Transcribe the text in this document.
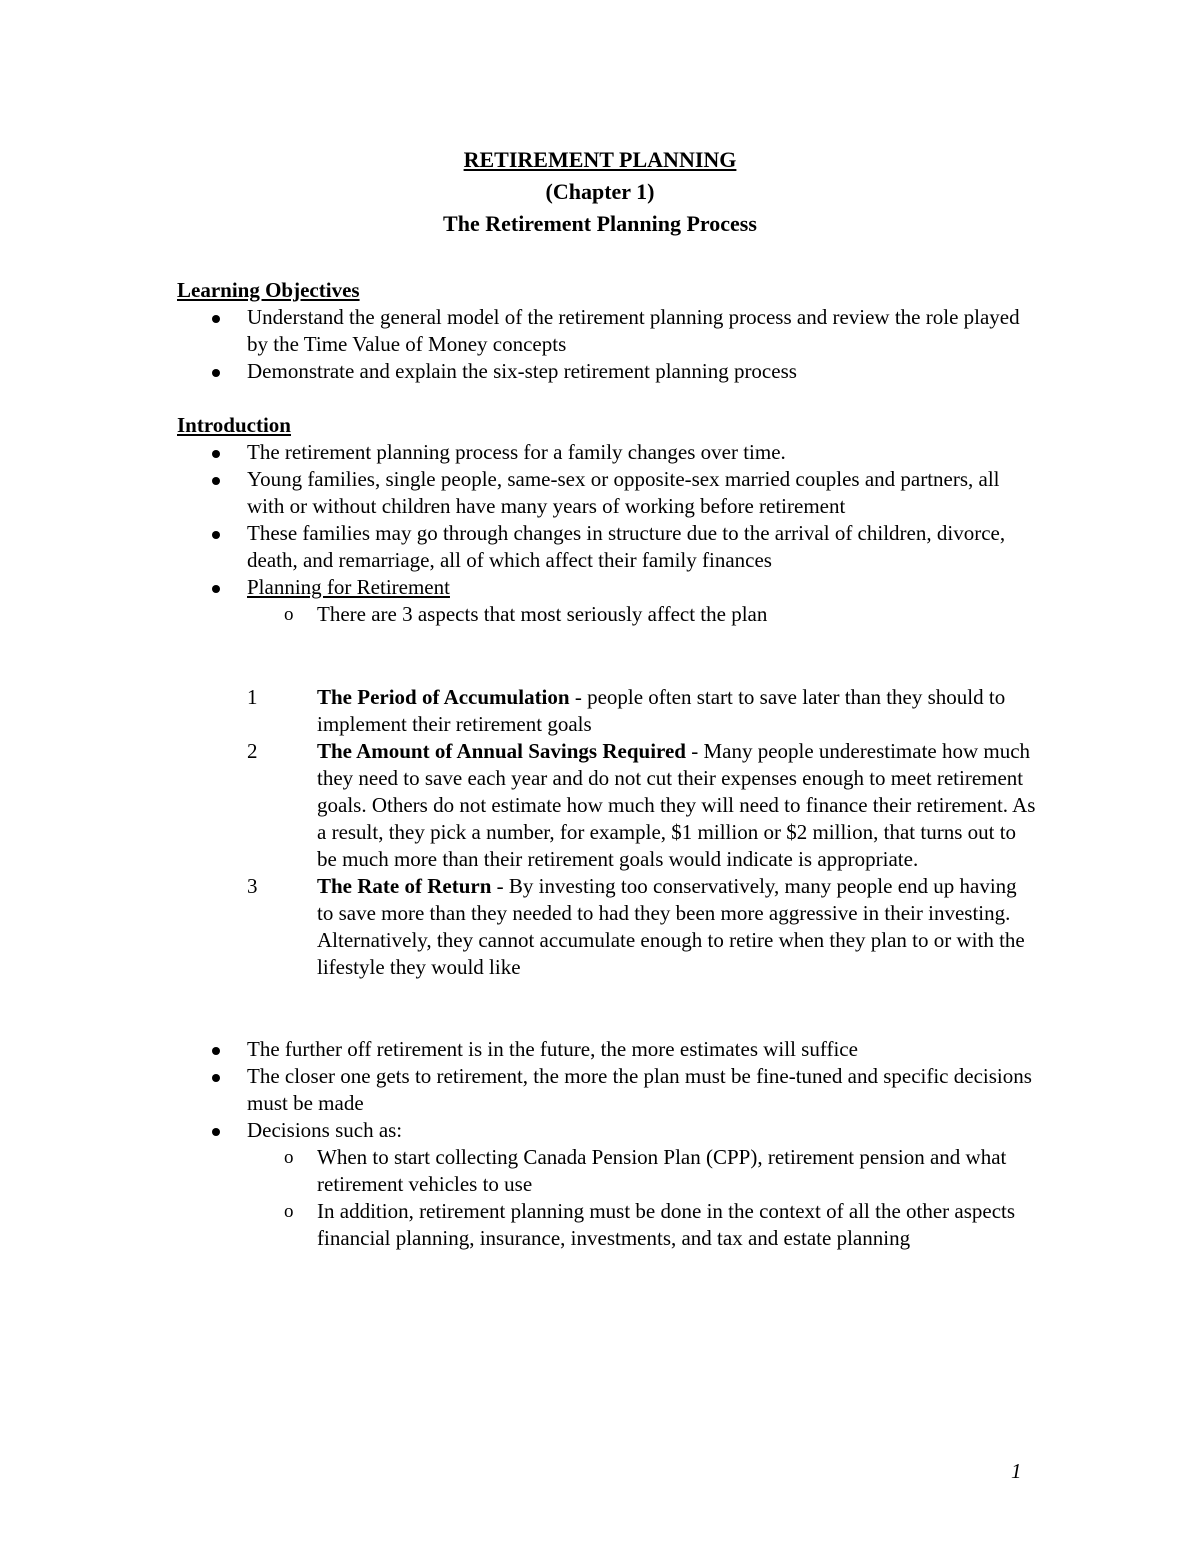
RETIREMENT PLANNING
(Chapter 1)
The Retirement Planning Process
Learning Objectives
Understand the general model of the retirement planning process and review the role played by the Time Value of Money concepts
Demonstrate and explain the six-step retirement planning process
Introduction
The retirement planning process for a family changes over time.
Young families, single people, same-sex or opposite-sex married couples and partners, all with or without children have many years of working before retirement
These families may go through changes in structure due to the arrival of children, divorce, death, and remarriage, all of which affect their family finances
Planning for Retirement
o There are 3 aspects that most seriously affect the plan
1	The Period of Accumulation - people often start to save later than they should to implement their retirement goals
2	The Amount of Annual Savings Required - Many people underestimate how much they need to save each year and do not cut their expenses enough to meet retirement goals. Others do not estimate how much they will need to finance their retirement. As a result, they pick a number, for example, $1 million or $2 million, that turns out to be much more than their retirement goals would indicate is appropriate.
3	The Rate of Return - By investing too conservatively, many people end up having to save more than they needed to had they been more aggressive in their investing. Alternatively, they cannot accumulate enough to retire when they plan to or with the lifestyle they would like
The further off retirement is in the future, the more estimates will suffice
The closer one gets to retirement, the more the plan must be fine-tuned and specific decisions must be made
Decisions such as:
o When to start collecting Canada Pension Plan (CPP), retirement pension and what retirement vehicles to use
o In addition, retirement planning must be done in the context of all the other aspects financial planning, insurance, investments, and tax and estate planning
1
